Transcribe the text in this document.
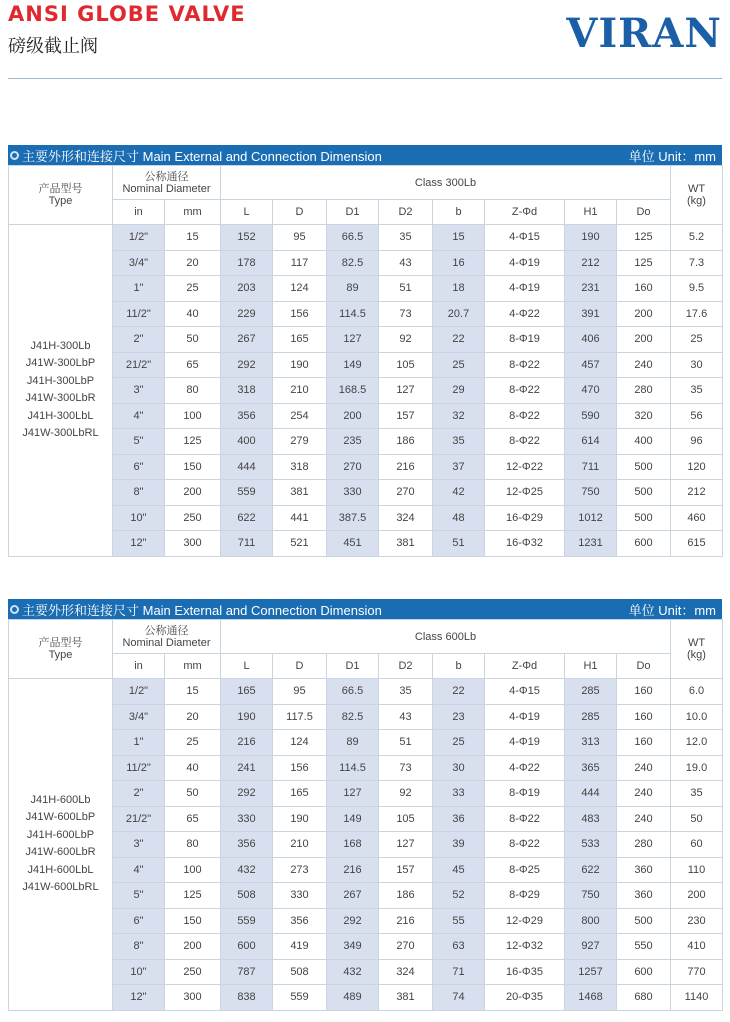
ANSI GLOBE VALVE
磅级截止阀	VIRAN
主要外形和连接尺寸 Main External and Connection Dimension	单位 Unit：mm
产品型号
Type
公称通径
Nominal Diameter	Class 300Lb
WT
(kg)
in	mm	L	D	D1	D2	b	Z-Φd	H1	Do
J41H-300Lb
J41W-300LbP
J41H-300LbP
J41W-300LbR
J41H-300LbL
J41W-300LbRL
1/2"	15	152	95	66.5	35	15	4-Φ15	190	125	5.2
3/4"	20	178	117	82.5	43	16	4-Φ19	212	125	7.3
1"	25	203	124	89	51	18	4-Φ19	231	160	9.5
11/2"	40	229	156	114.5	73	20.7	4-Φ22	391	200	17.6
2"	50	267	165	127	92	22	8-Φ19	406	200	25
21/2"	65	292	190	149	105	25	8-Φ22	457	240	30
3"	80	318	210	168.5	127	29	8-Φ22	470	280	35
4"	100	356	254	200	157	32	8-Φ22	590	320	56
5"	125	400	279	235	186	35	8-Φ22	614	400	96
6"	150	444	318	270	216	37	12-Φ22	711	500	120
8"	200	559	381	330	270	42	12-Φ25	750	500	212
10"	250	622	441	387.5	324	48	16-Φ29	1012	500	460
12"	300	711	521	451	381	51	16-Φ32	1231	600	615
主要外形和连接尺寸 Main External and Connection Dimension	单位 Unit：mm
产品型号
Type
公称通径
Nominal Diameter	Class 600Lb
WT
(kg)
in	mm	L	D	D1	D2	b	Z-Φd	H1	Do
J41H-600Lb
J41W-600LbP
J41H-600LbP
J41W-600LbR
J41H-600LbL
J41W-600LbRL
1/2"	15	165	95	66.5	35	22	4-Φ15	285	160	6.0
3/4"	20	190	117.5	82.5	43	23	4-Φ19	285	160	10.0
1"	25	216	124	89	51	25	4-Φ19	313	160	12.0
11/2"	40	241	156	114.5	73	30	4-Φ22	365	240	19.0
2"	50	292	165	127	92	33	8-Φ19	444	240	35
21/2"	65	330	190	149	105	36	8-Φ22	483	240	50
3"	80	356	210	168	127	39	8-Φ22	533	280	60
4"	100	432	273	216	157	45	8-Φ25	622	360	110
5"	125	508	330	267	186	52	8-Φ29	750	360	200
6"	150	559	356	292	216	55	12-Φ29	800	500	230
8"	200	600	419	349	270	63	12-Φ32	927	550	410
10"	250	787	508	432	324	71	16-Φ35	1257	600	770
12"	300	838	559	489	381	74	20-Φ35	1468	680	1140
